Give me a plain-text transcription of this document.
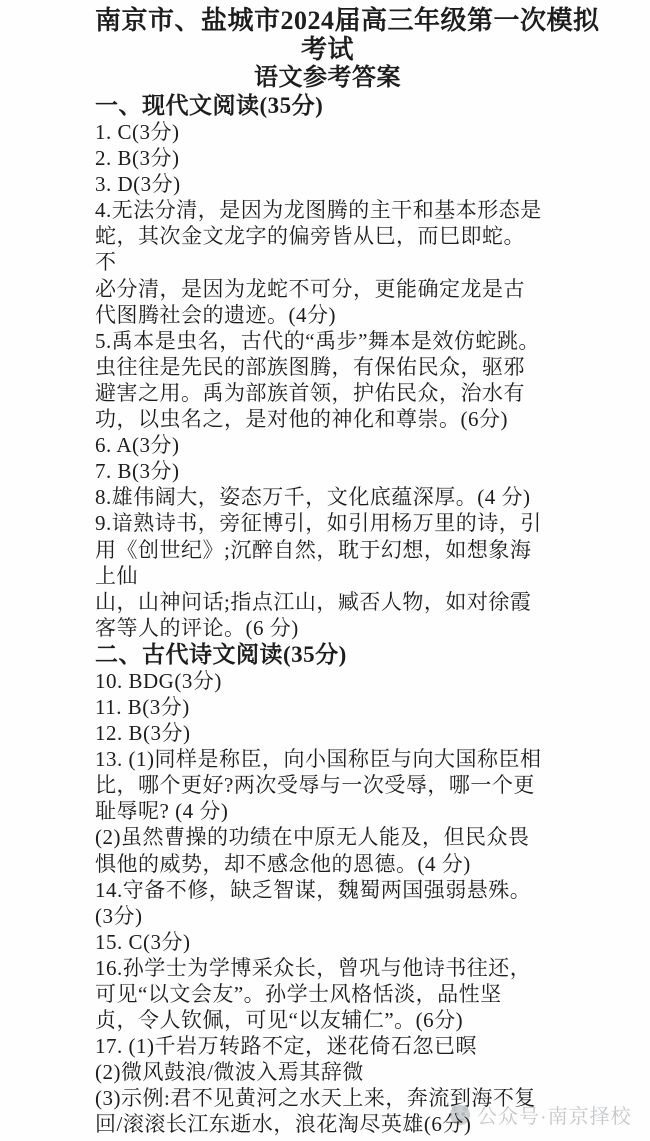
南京市、盐城市2024届高三年级第一次模拟
考试
语文参考答案
一、现代文阅读(35分)
1. C(3分)
2. B(3分)
3. D(3分)
4.无法分清，是因为龙图腾的主干和基本形态是
蛇，其次金文龙字的偏旁皆从巳，而巳即蛇。
不
必分清，是因为龙蛇不可分，更能确定龙是古
代图腾社会的遗迹。(4分)
5.禹本是虫名，古代的“禹步”舞本是效仿蛇跳。
虫往往是先民的部族图腾，有保佑民众，驱邪
避害之用。禹为部族首领，护佑民众，治水有
功，以虫名之，是对他的神化和尊崇。(6分)
6. A(3分)
7. B(3分)
8.雄伟阔大，姿态万千，文化底蕴深厚。(4 分)
9.谙熟诗书，旁征博引，如引用杨万里的诗，引
用《创世纪》;沉醉自然，耽于幻想，如想象海
上仙
山，山神问话;指点江山，臧否人物，如对徐霞
客等人的评论。(6 分)
二、古代诗文阅读(35分)
10. BDG(3分)
11. B(3分)
12. B(3分)
13. (1)同样是称臣，向小国称臣与向大国称臣相
比，哪个更好?两次受辱与一次受辱，哪一个更
耻辱呢? (4 分)
(2)虽然曹操的功绩在中原无人能及，但民众畏
惧他的威势，却不感念他的恩德。(4 分)
14.守备不修，缺乏智谋，魏蜀两国强弱悬殊。
(3分)
15. C(3分)
16.孙学士为学博采众长，曾巩与他诗书往还，
可见“以文会友”。孙学士风格恬淡，品性坚
贞，令人钦佩，可见“以友辅仁”。(6分)
17. (1)千岩万转路不定，迷花倚石忽已暝
(2)微风鼓浪/微波入焉其辞微
(3)示例:君不见黄河之水天上来，奔流到海不复
回/滚滚长江东逝水，浪花淘尽英雄(6分) 公众号·南京择校
